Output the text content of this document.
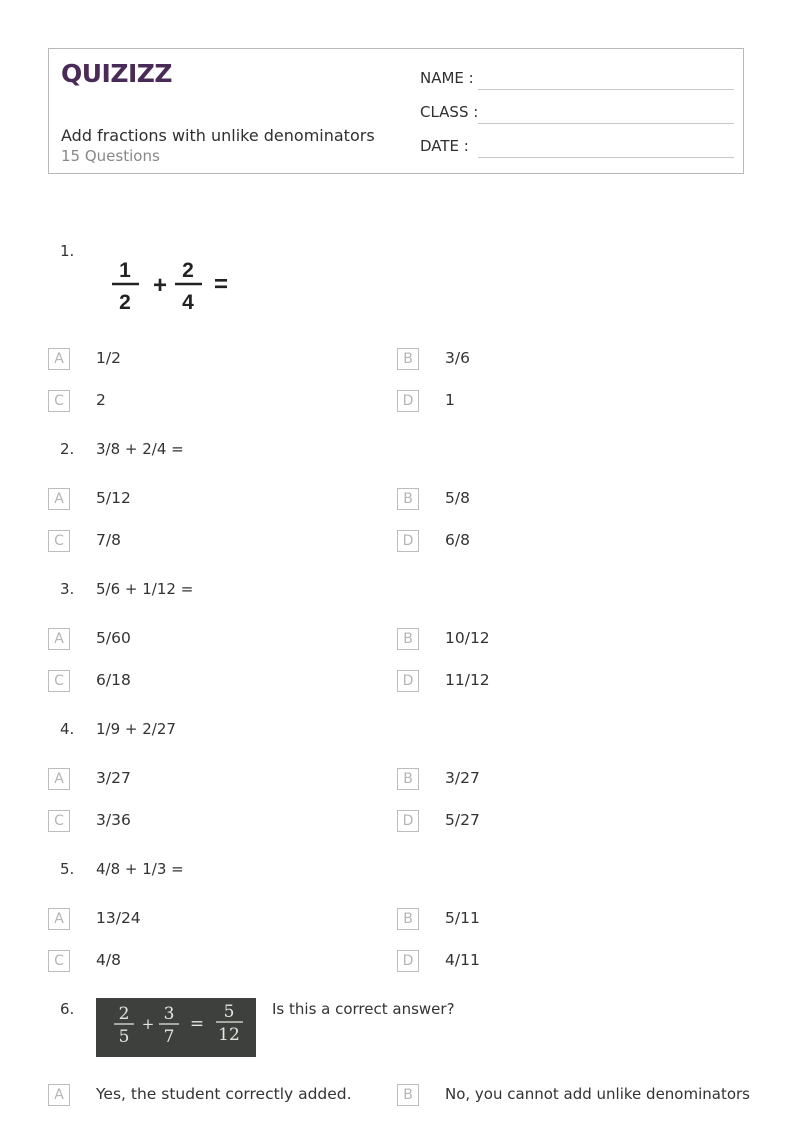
QUIZIZZ
Add fractions with unlike denominators
15 Questions
NAME :
CLASS :
DATE :
1.
1
2
+
2
4
=
A	1/2	B	3/6
C	2	D	1
2. 3/8 + 2/4 =
A	5/12	B	5/8
C	7/8	D	6/8
3. 5/6 + 1/12 =
A	5/60	B	10/12
C	6/18	D	11/12
4. 1/9 + 2/27
A	3/27	B	3/27
C	3/36	D	5/27
5. 4/8 + 1/3 =
A	13/24	B	5/11
C	4/8	D	4/11
6.	2
5
+ 3
7
=
5
12
Is this a correct answer?
A	Yes, the student correctly added.	B	No, you cannot add unlike denominators
